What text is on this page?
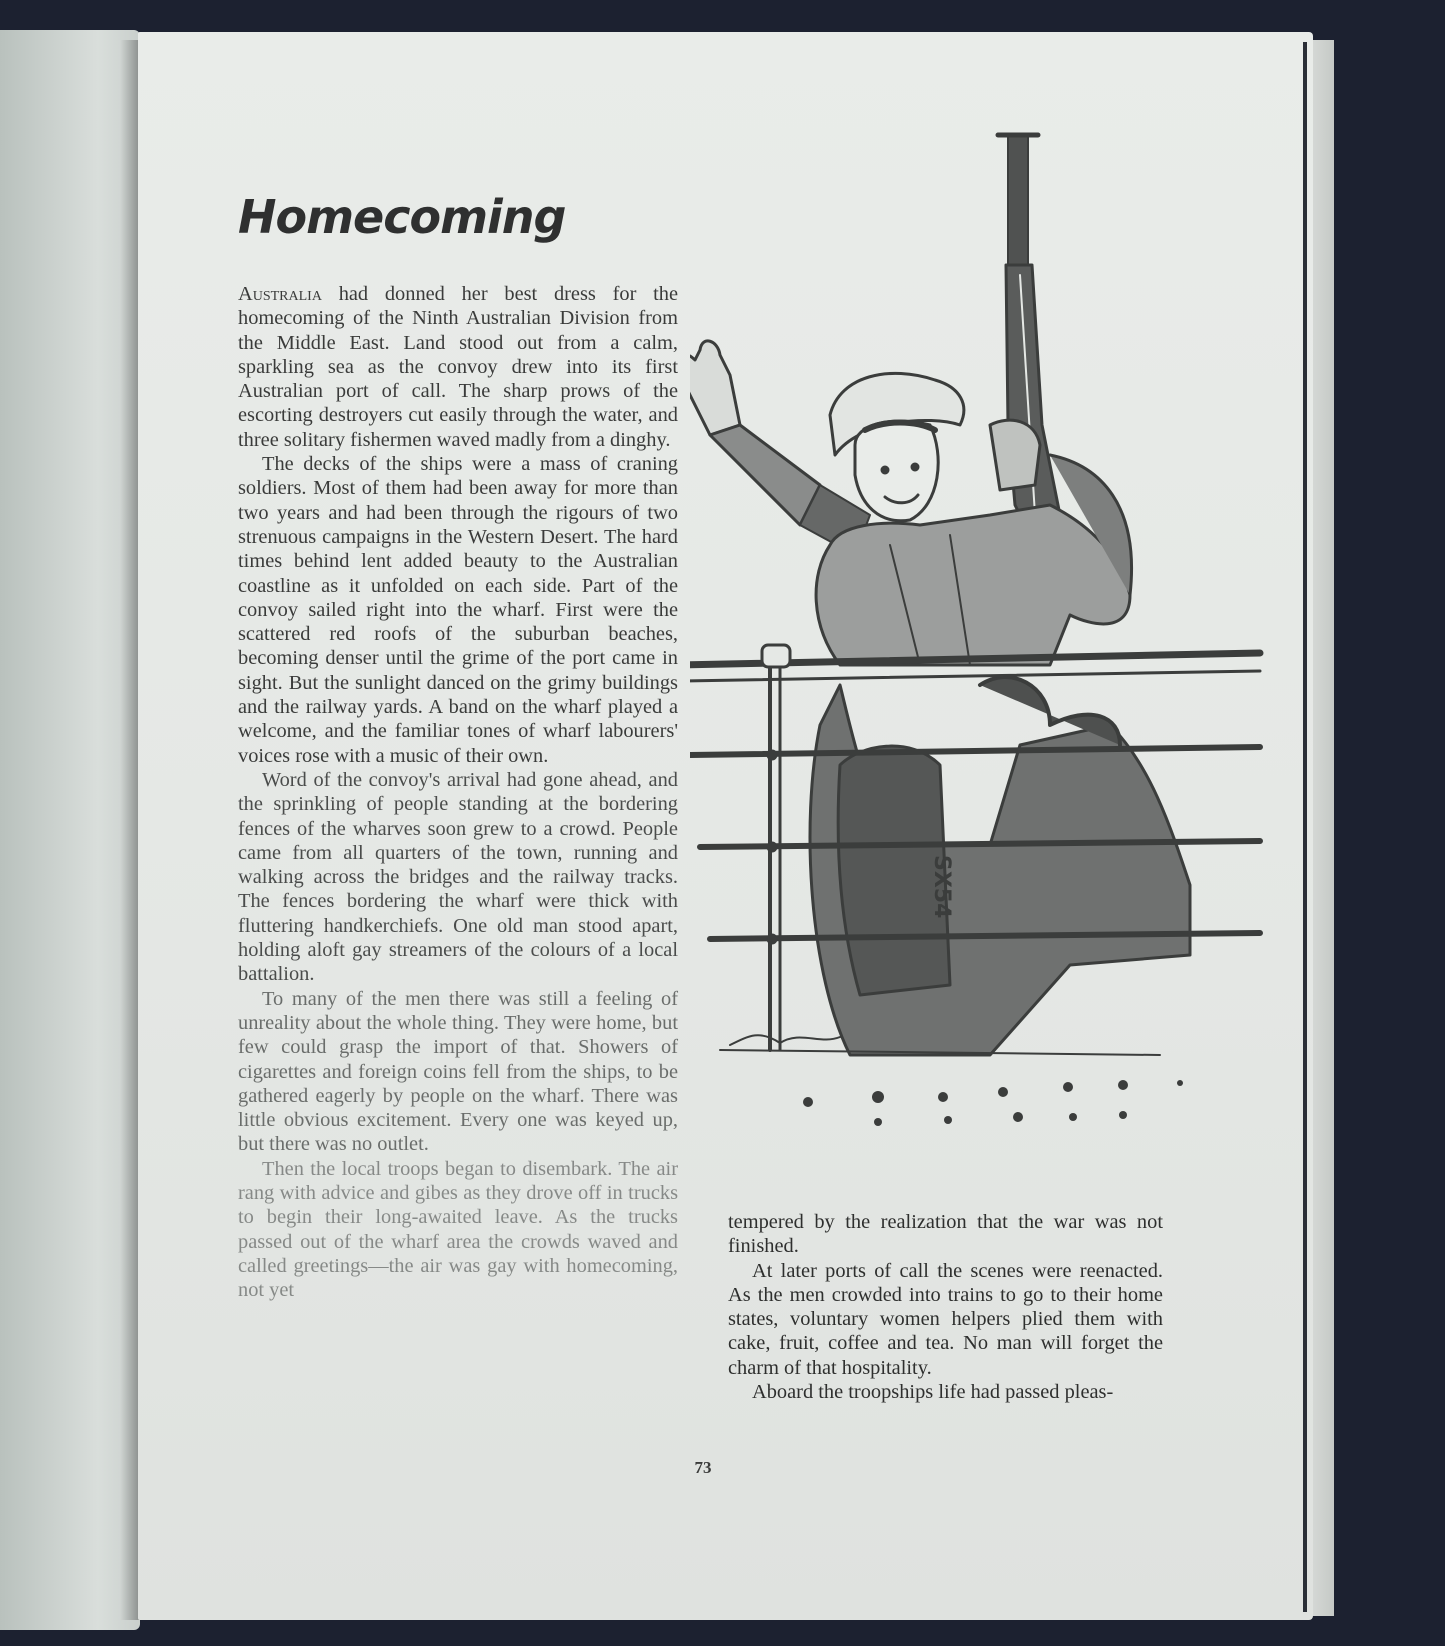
Homecoming

Australia had donned her best dress for the homecoming of the Ninth Australian Division from the Middle East. Land stood out from a calm, sparkling sea as the convoy drew into its first Australian port of call. The sharp prows of the escorting destroyers cut easily through the water, and three solitary fishermen waved madly from a dinghy.

The decks of the ships were a mass of craning soldiers. Most of them had been away for more than two years and had been through the rigours of two strenuous campaigns in the Western Desert. The hard times behind lent added beauty to the Australian coastline as it unfolded on each side. Part of the convoy sailed right into the wharf. First were the scattered red roofs of the suburban beaches, becoming denser until the grime of the port came in sight. But the sunlight danced on the grimy buildings and the railway yards. A band on the wharf played a welcome, and the familiar tones of wharf labourers' voices rose with a music of their own.

Word of the convoy's arrival had gone ahead, and the sprinkling of people standing at the bordering fences of the wharves soon grew to a crowd. People came from all quarters of the town, running and walking across the bridges and the railway tracks. The fences bordering the wharf were thick with fluttering handkerchiefs. One old man stood apart, holding aloft gay streamers of the colours of a local battalion.

To many of the men there was still a feeling of unreality about the whole thing. They were home, but few could grasp the import of that. Showers of cigarettes and foreign coins fell from the ships, to be gathered eagerly by people on the wharf. There was little obvious excitement. Every one was keyed up, but there was no outlet.

Then the local troops began to disembark. The air rang with advice and gibes as they drove off in trucks to begin their long-awaited leave. As the trucks passed out of the wharf area the crowds waved and called greetings—the air was gay with homecoming, not yet

SX54

tempered by the realization that the war was not finished.

At later ports of call the scenes were reenacted. As the men crowded into trains to go to their home states, voluntary women helpers plied them with cake, fruit, coffee and tea. No man will forget the charm of that hospitality.

Aboard the troopships life had passed pleas-

73
